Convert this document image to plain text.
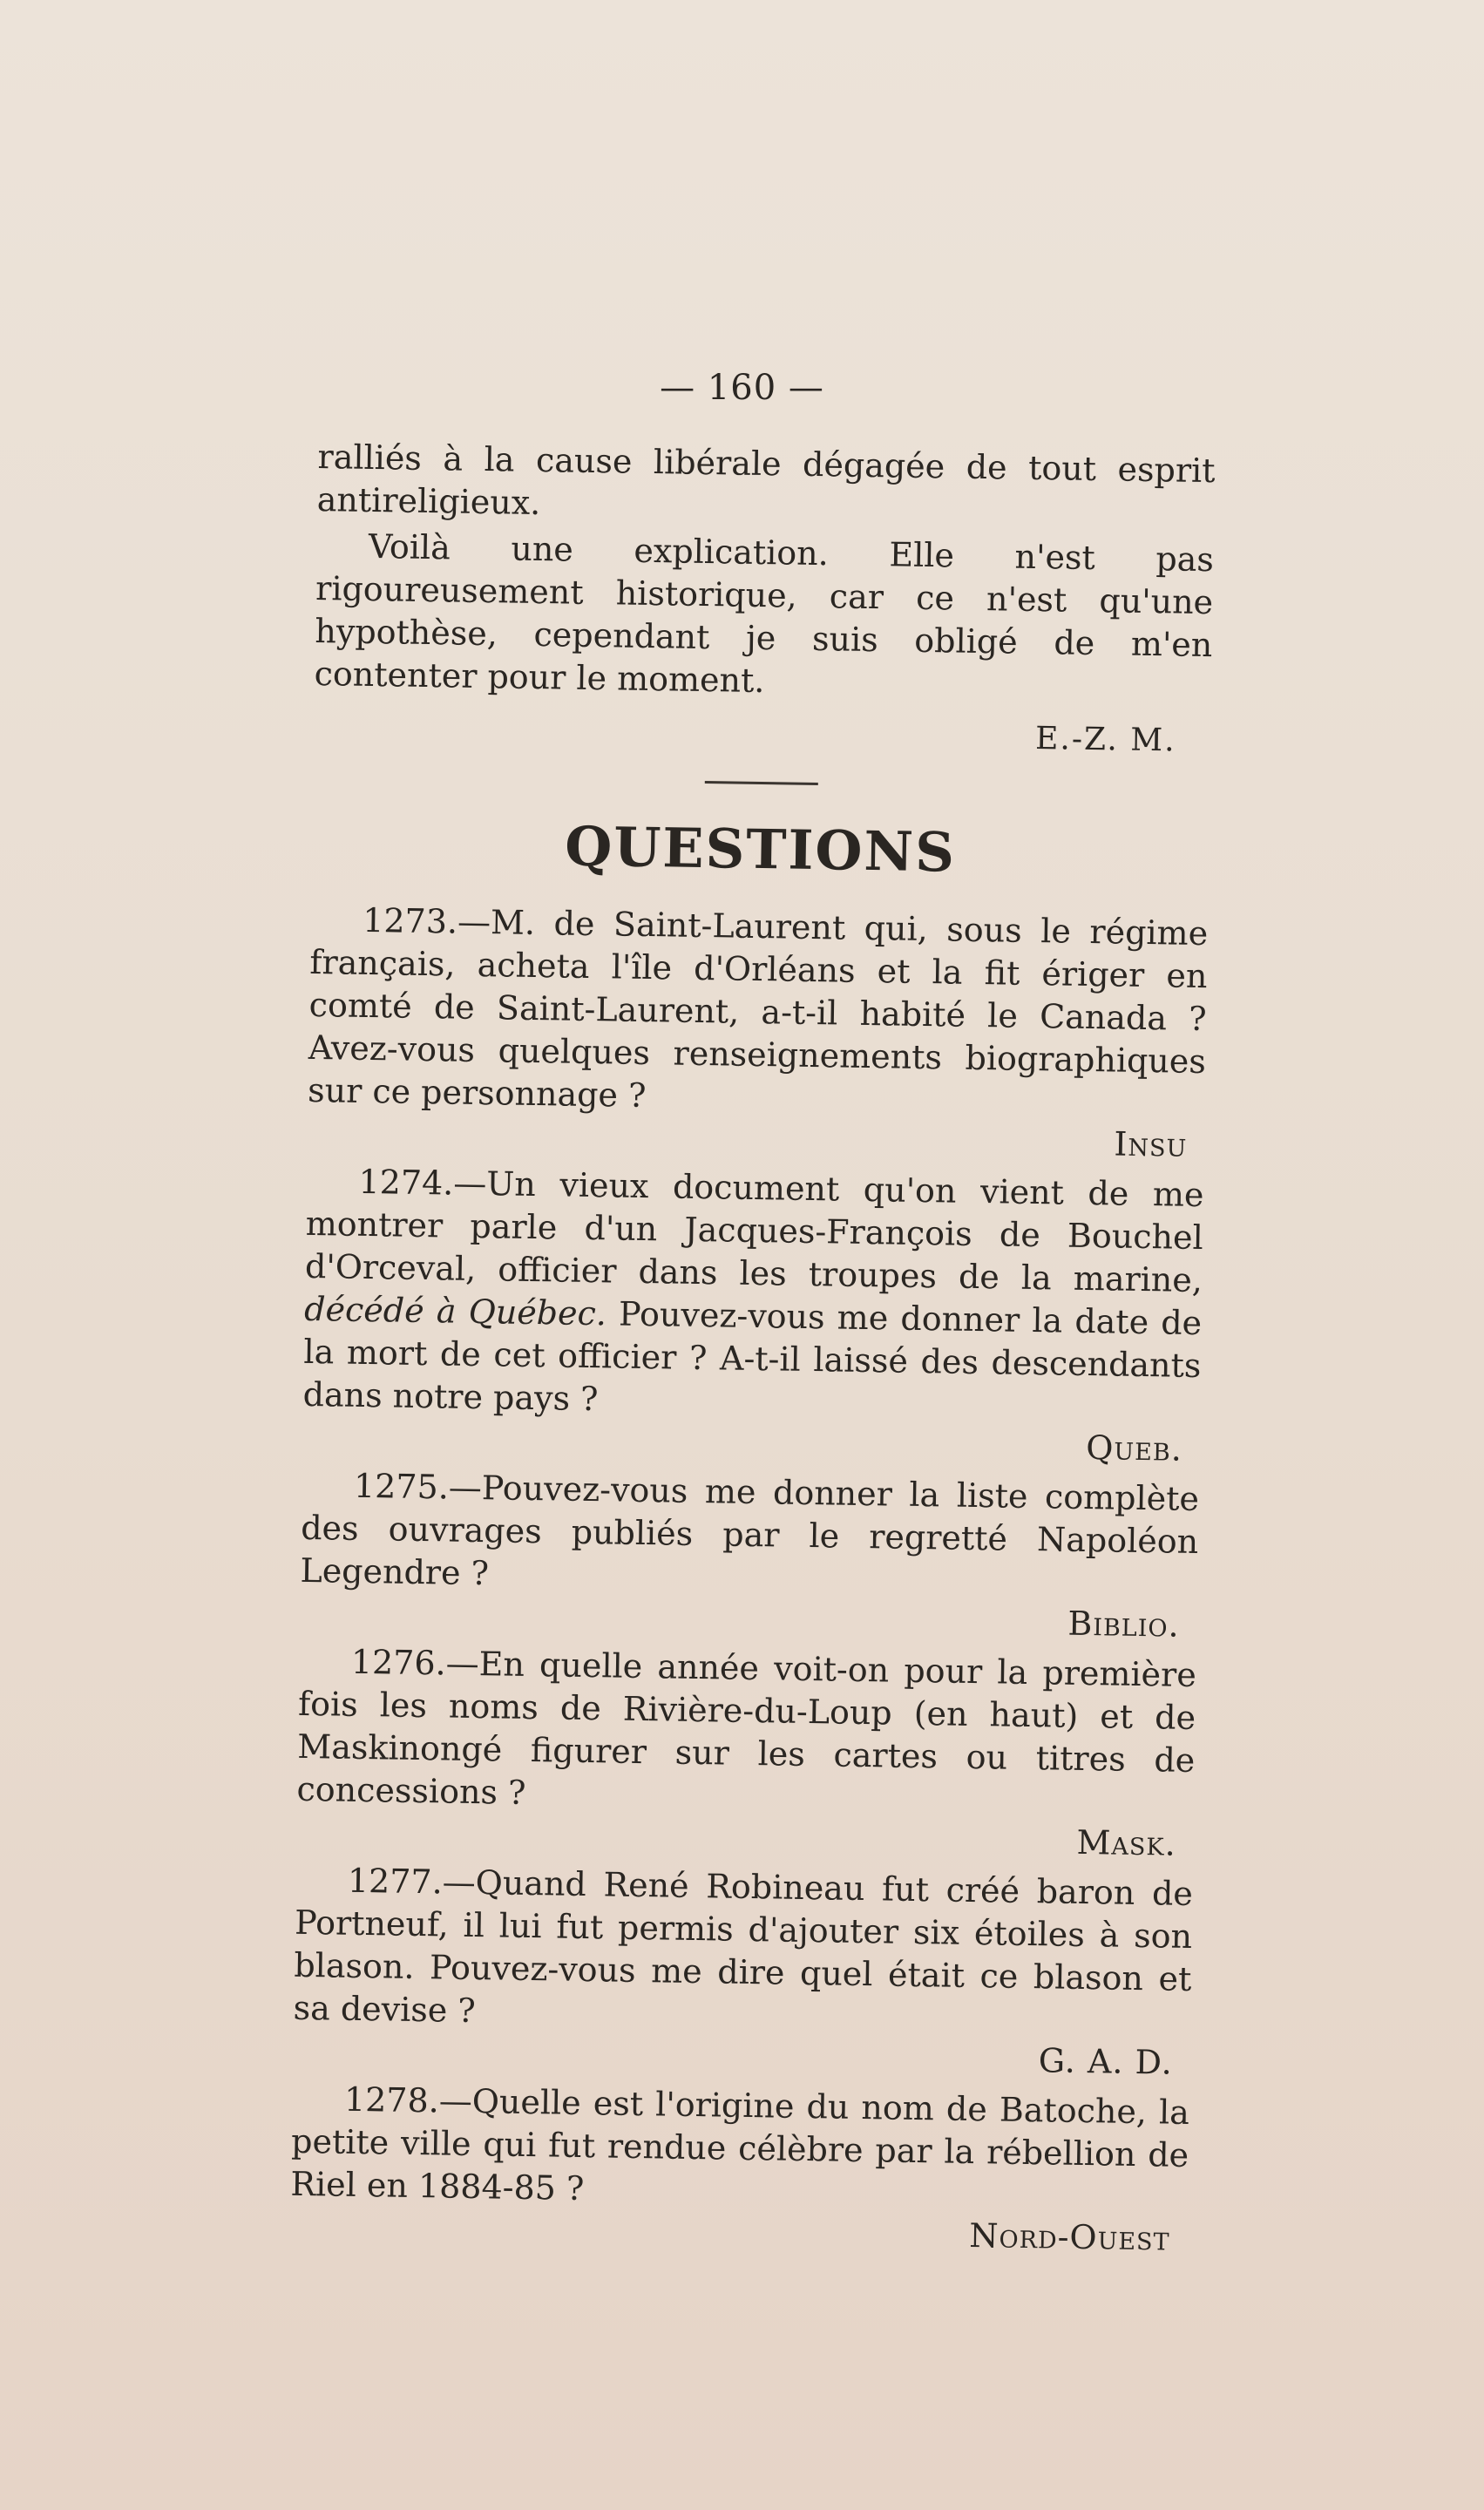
— 160 —

ralliés à la cause libérale dégagée de tout esprit antireligieux.

Voilà une explication. Elle n'est pas rigoureusement historique, car ce n'est qu'une hypothèse, cependant je suis obligé de m'en contenter pour le moment.

E.-Z. M.
QUESTIONS

1273.—M. de Saint-Laurent qui, sous le régime français, acheta l'île d'Orléans et la fit ériger en comté de Saint-Laurent, a-t-il habité le Canada ? Avez-vous quelques renseignements biographiques sur ce personnage ?

Insu

1274.—Un vieux document qu'on vient de me montrer parle d'un Jacques-François de Bouchel d'Orceval, officier dans les troupes de la marine, décédé à Québec. Pouvez-vous me donner la date de la mort de cet officier ? A-t-il laissé des descendants dans notre pays ?

Queb.

1275.—Pouvez-vous me donner la liste complète des ouvrages publiés par le regretté Napoléon Legendre ?

Biblio.

1276.—En quelle année voit-on pour la première fois les noms de Rivière-du-Loup (en haut) et de Maskinongé figurer sur les cartes ou titres de concessions ?

Mask.

1277.—Quand René Robineau fut créé baron de Portneuf, il lui fut permis d'ajouter six étoiles à son blason. Pouvez-vous me dire quel était ce blason et sa devise ?

G. A. D.

1278.—Quelle est l'origine du nom de Batoche, la petite ville qui fut rendue célèbre par la rébellion de Riel en 1884-85 ?

Nord-Ouest
